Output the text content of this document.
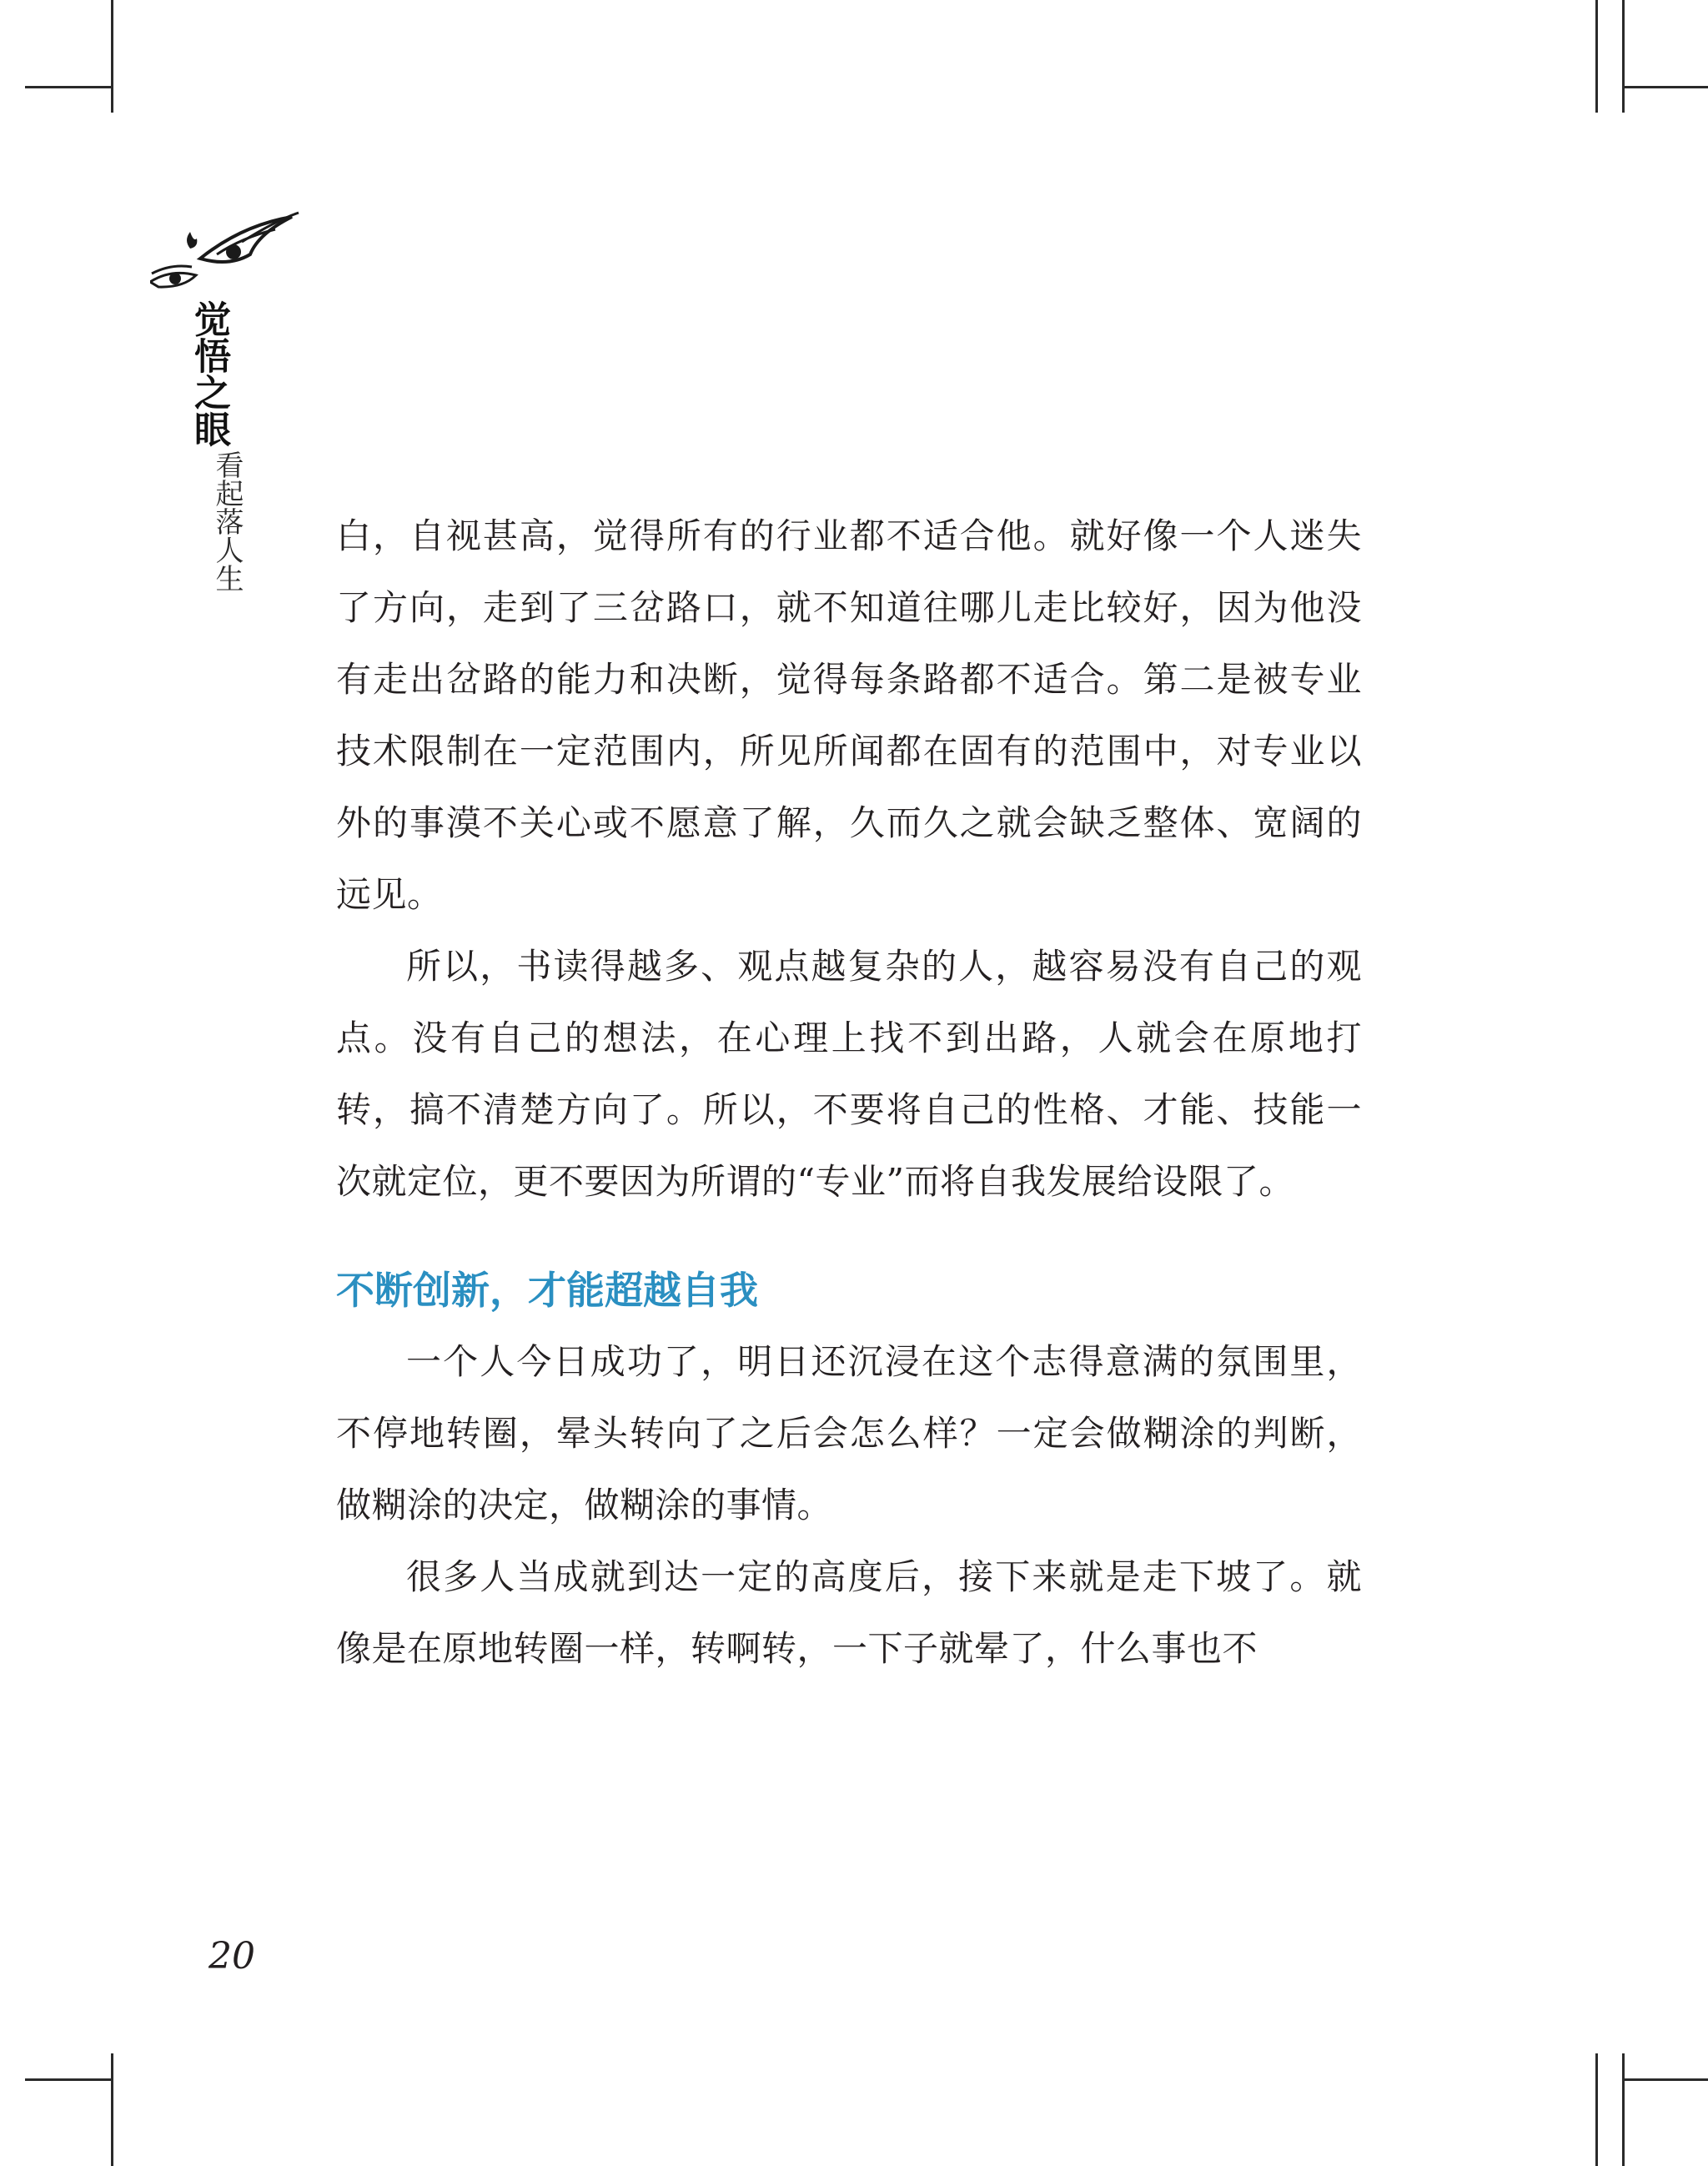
觉悟之眼
看起落人生	白，自视甚高，觉得所有的行业都不适合他。就好像一个人迷失了方向，走到了三岔路口，就不知道往哪儿走比较好，因为他没有走出岔路的能力和决断，觉得每条路都不适合。第二是被专业技术限制在一定范围内，所见所闻都在固有的范围中，对专业以外的事漠不关心或不愿意了解，久而久之就会缺乏整体、宽阔的远见。

所以，书读得越多、观点越复杂的人，越容易没有自己的观点。没有自己的想法，在心理上找不到出路，人就会在原地打转，搞不清楚方向了。所以，不要将自己的性格、才能、技能一次就定位，更不要因为所谓的“专业”而将自我发展给设限了。

不断创新，才能超越自我

一个人今日成功了，明日还沉浸在这个志得意满的氛围里，不停地转圈，晕头转向了之后会怎么样？一定会做糊涂的判断，做糊涂的决定，做糊涂的事情。

很多人当成就到达一定的高度后，接下来就是走下坡了。就像是在原地转圈一样，转啊转，一下子就晕了，什么事也不

20
